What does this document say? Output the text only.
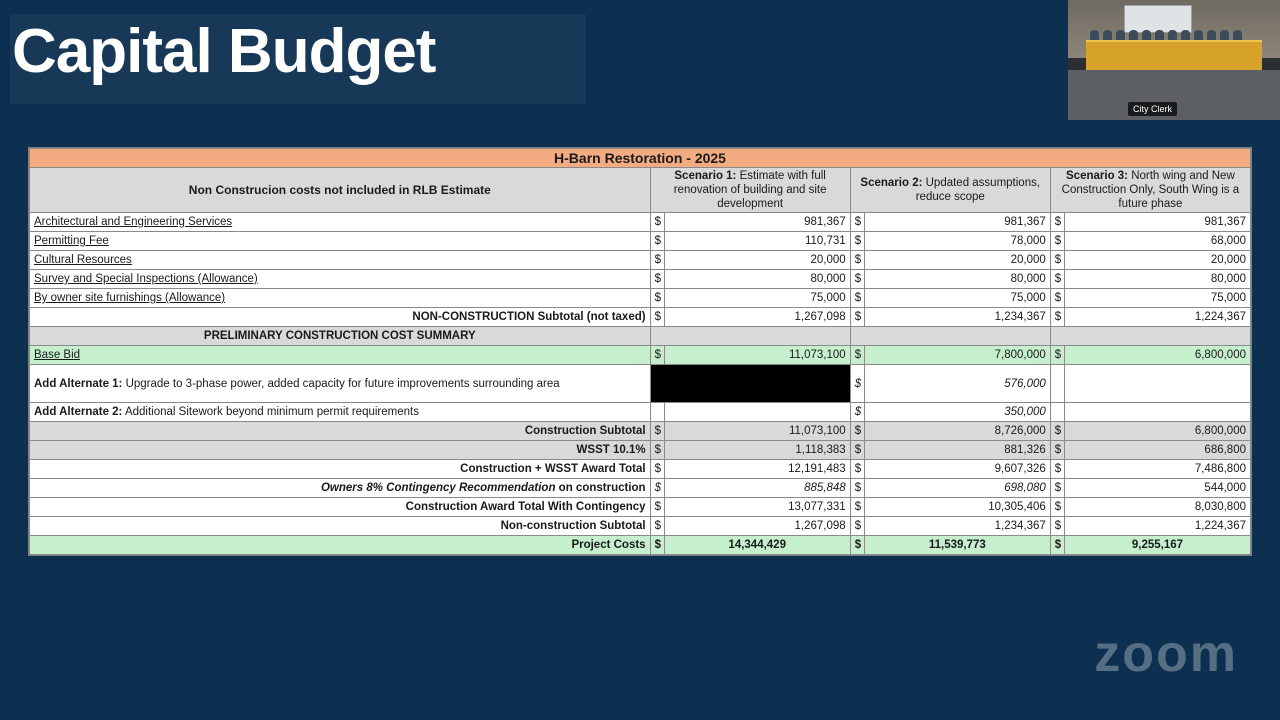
Capital Budget

City Clerk
zoom
H-Barn Restoration - 2025						
Non Construcion costs not included in RLB Estimate	Scenario 1: Estimate with full renovation of building and site development		Scenario 2: Updated assumptions, reduce scope		Scenario 3: North wing and New Construction Only, South Wing is a future phase	
Architectural and Engineering Services	$	981,367	$	981,367	$	981,367
Permitting Fee	$	110,731	$	78,000	$	68,000
Cultural Resources	$	20,000	$	20,000	$	20,000
Survey and Special Inspections (Allowance)	$	80,000	$	80,000	$	80,000
By owner site furnishings (Allowance)	$	75,000	$	75,000	$	75,000
NON-CONSTRUCTION Subtotal (not taxed)	$	1,267,098	$	1,234,367	$	1,224,367
PRELIMINARY CONSTRUCTION COST SUMMARY						
Base Bid	$	11,073,100	$	7,800,000	$	6,800,000
Add Alternate 1: Upgrade to 3-phase power, added capacity for future improvements surrounding area			$	576,000		
Add Alternate 2: Additional Sitework beyond minimum permit requirements			$	350,000		
Construction Subtotal	$	11,073,100	$	8,726,000	$	6,800,000
WSST 10.1%	$	1,118,383	$	881,326	$	686,800
Construction + WSST Award Total	$	12,191,483	$	9,607,326	$	7,486,800
Owners 8% Contingency Recommendation on construction	$	885,848	$	698,080	$	544,000
Construction Award Total With Contingency	$	13,077,331	$	10,305,406	$	8,030,800
Non-construction Subtotal	$	1,267,098	$	1,234,367	$	1,224,367
Project Costs	$	14,344,429	$	11,539,773	$	9,255,167
